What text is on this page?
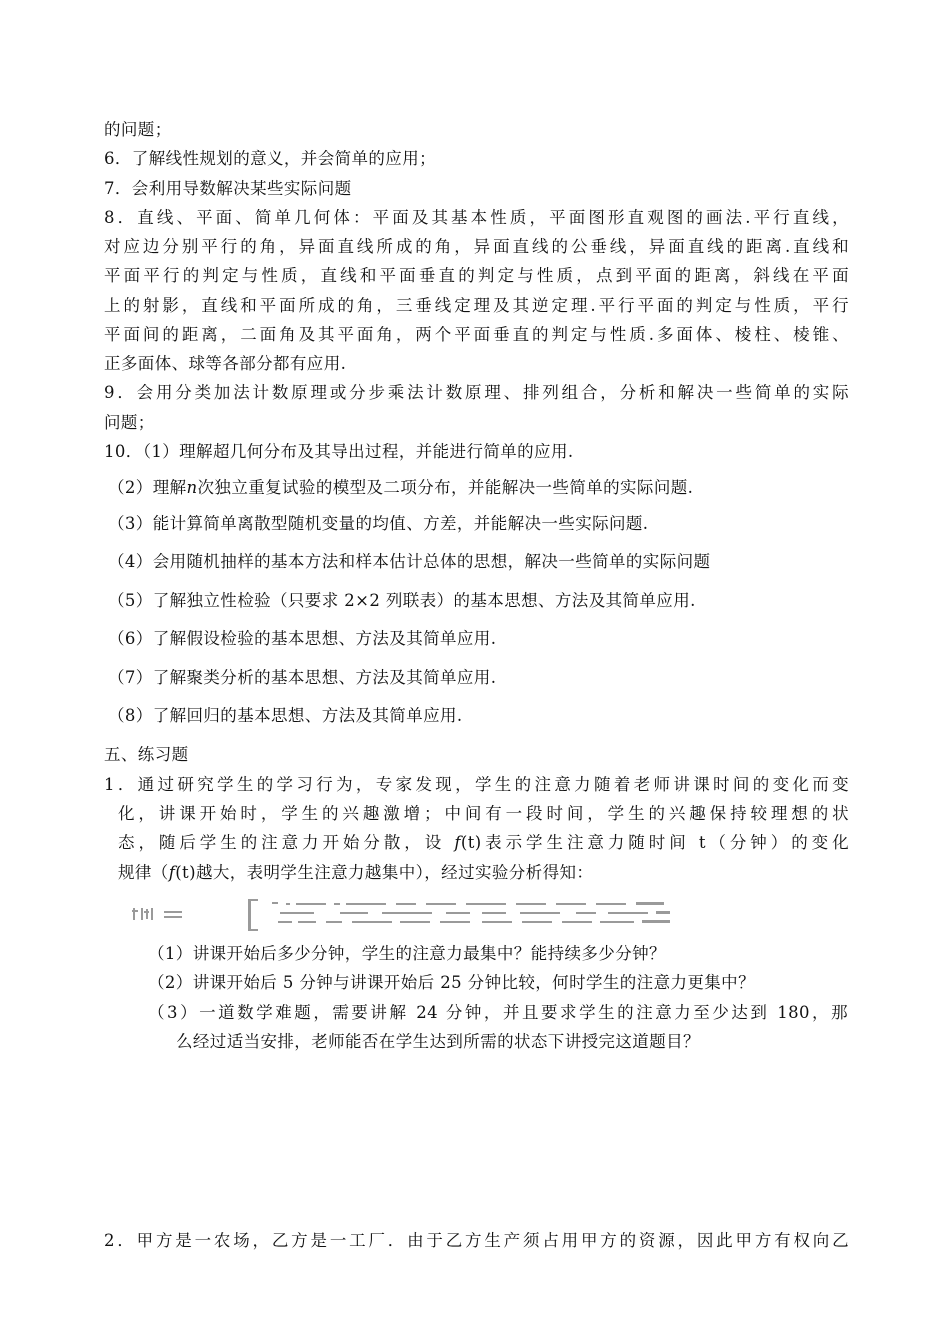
的问题；
6．了解线性规划的意义，并会简单的应用；
7．会利用导数解决某些实际问题
8．直线、平面、简单几何体：平面及其基本性质，平面图形直观图的画法.平行直线，
对应边分别平行的角，异面直线所成的角，异面直线的公垂线，异面直线的距离.直线和
平面平行的判定与性质，直线和平面垂直的判定与性质，点到平面的距离，斜线在平面
上的射影，直线和平面所成的角，三垂线定理及其逆定理.平行平面的判定与性质，平行
平面间的距离，二面角及其平面角，两个平面垂直的判定与性质.多面体、棱柱、棱锥、
正多面体、球等各部分都有应用.
9．会用分类加法计数原理或分步乘法计数原理、排列组合，分析和解决一些简单的实际
问题；
10．（1）理解超几何分布及其导出过程，并能进行简单的应用.
（2）理解n次独立重复试验的模型及二项分布，并能解决一些简单的实际问题.
（3）能计算简单离散型随机变量的均值、方差，并能解决一些实际问题.
（4）会用随机抽样的基本方法和样本估计总体的思想，解决一些简单的实际问题
（5）了解独立性检验（只要求 2×2 列联表）的基本思想、方法及其简单应用.
（6）了解假设检验的基本思想、方法及其简单应用.
（7）了解聚类分析的基本思想、方法及其简单应用.
（8）了解回归的基本思想、方法及其简单应用.
五、练习题
1．通过研究学生的学习行为，专家发现，学生的注意力随着老师讲课时间的变化而变
化，讲课开始时，学生的兴趣激增；中间有一段时间，学生的兴趣保持较理想的状
态，随后学生的注意力开始分散，设 f(t)表示学生注意力随时间 t（分钟）的变化
规律（f(t)越大，表明学生注意力越集中），经过实验分析得知：
（1）讲课开始后多少分钟，学生的注意力最集中？能持续多少分钟？
（2）讲课开始后 5 分钟与讲课开始后 25 分钟比较，何时学生的注意力更集中？
（3）一道数学难题，需要讲解 24 分钟，并且要求学生的注意力至少达到 180，那
么经过适当安排，老师能否在学生达到所需的状态下讲授完这道题目？
2．甲方是一农场，乙方是一工厂．由于乙方生产须占用甲方的资源，因此甲方有权向乙
